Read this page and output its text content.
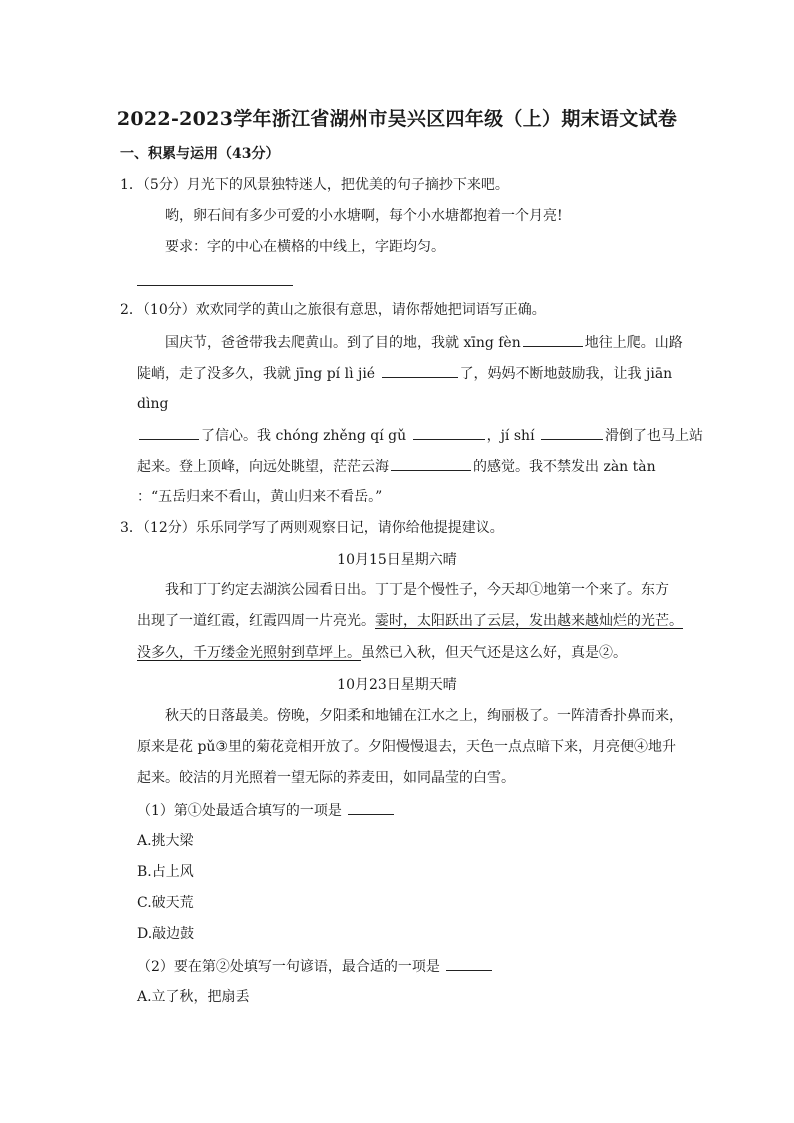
2022-2023学年浙江省湖州市吴兴区四年级（上）期末语文试卷
一、积累与运用（43分）
1．（5分）月光下的风景独特迷人，把优美的句子摘抄下来吧。
哟，卵石间有多少可爱的小水塘啊，每个小水塘都抱着一个月亮!
要求：字的中心在横格的中线上，字距均匀。
2．（10分）欢欢同学的黄山之旅很有意思，请你帮她把词语写正确。
国庆节，爸爸带我去爬黄山。到了目的地，我就 xīng fèn	地往上爬。山路
陡峭，走了没多久，我就 jīng pí lì jié	了，妈妈不断地鼓励我，让我 jiān
dìng
了信心。我 chóng zhěng qí gǔ	，jí shí	滑倒了也马上站
起来。登上顶峰，向远处眺望，茫茫云海	的感觉。我不禁发出 zàn tàn
：“五岳归来不看山，黄山归来不看岳。”
3．（12分）乐乐同学写了两则观察日记，请你给他提提建议。
10月15日星期六晴
我和丁丁约定去湖滨公园看日出。丁丁是个慢性子，今天却①地第一个来了。东方
出现了一道红霞，红霞四周一片亮光。霎时，太阳跃出了云层，发出越来越灿烂的光芒。
没多久，千万缕金光照射到草坪上。虽然已入秋，但天气还是这么好，真是②。
10月23日星期天晴
秋天的日落最美。傍晚，夕阳柔和地铺在江水之上，绚丽极了。一阵清香扑鼻而来，
原来是花 pǔ③里的菊花竞相开放了。夕阳慢慢退去，天色一点点暗下来，月亮便④地升
起来。皎洁的月光照着一望无际的荞麦田，如同晶莹的白雪。
（1）第①处最适合填写的一项是
A.挑大梁
B.占上风
C.破天荒
D.敲边鼓
（2）要在第②处填写一句谚语，最合适的一项是
A.立了秋，把扇丢
